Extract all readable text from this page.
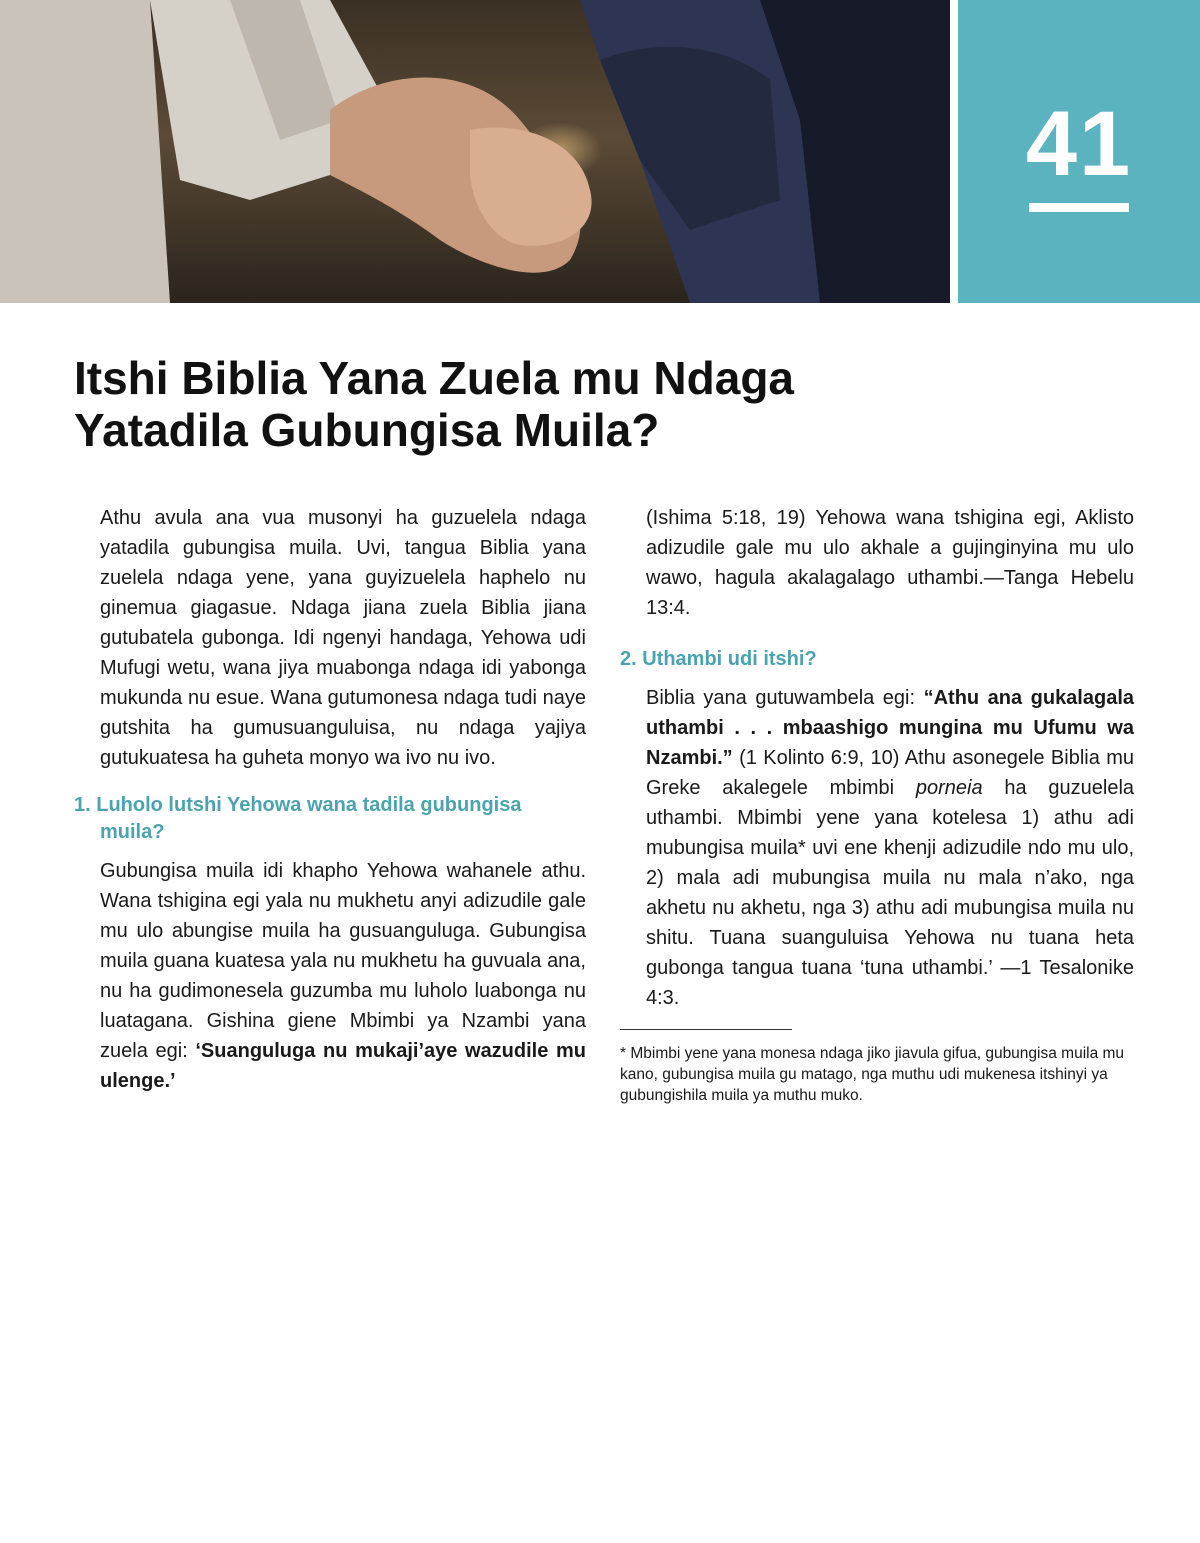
41
Itshi Biblia Yana Zuela mu Ndaga
Yatadila Gubungisa Muila?

Athu avula ana vua musonyi ha guzuelela ndaga yatadila gubungisa muila. Uvi, tangua Biblia yana zuelela ndaga yene, yana guyizuelela haphelo nu ginemua giagasue. Ndaga jiana zuela Biblia jiana gutubatela gubonga. Idi ngenyi handaga, Yehowa udi Mufugi wetu, wana jiya muabonga ndaga idi yabonga mukunda nu esue. Wana gutumonesa ndaga tudi naye gutshita ha gumusuanguluisa, nu ndaga yajiya gutukuatesa ha guheta monyo wa ivo nu ivo.

1. Luholo lutshi Yehowa wana tadila gubungisa muila?

Gubungisa muila idi khapho Yehowa wahanele athu. Wana tshigina egi yala nu mukhetu anyi adizudile gale mu ulo abungise muila ha gusuanguluga. Gubungisa muila guana kuatesa yala nu mukhetu ha guvuala ana, nu ha gudimonesela guzumba mu luholo luabonga nu luatagana. Gishina giene Mbimbi ya Nzambi yana zuela egi: ‘Suanguluga nu mukaji’aye wazudile mu ulenge.’

(Ishima 5:18, 19) Yehowa wana tshigina egi, Aklisto adizudile gale mu ulo akhale a gujinginyina mu ulo wawo, hagula akalagalago uthambi.—Tanga Hebelu 13:4.

2. Uthambi udi itshi?

Biblia yana gutuwambela egi: “Athu ana gukalagala uthambi . . . mbaashigo mungina mu Ufumu wa Nzambi.” (1 Kolinto 6:9, 10) Athu asonegele Biblia mu Greke akalegele mbimbi porneia ha guzuelela uthambi. Mbimbi yene yana kotelesa 1) athu adi mubungisa muila* uvi ene khenji adizudile ndo mu ulo, 2) mala adi mubungisa muila nu mala n’ako, nga akhetu nu akhetu, nga 3) athu adi mubungisa muila nu shitu. Tuana suanguluisa Yehowa nu tuana heta gubonga tangua tuana ‘tuna uthambi.’ —1 Tesalonike 4:3.

* Mbimbi yene yana monesa ndaga jiko jiavula gifua, gubungisa muila mu kano, gubungisa muila gu matago, nga muthu udi mukenesa itshinyi ya gubungishila muila ya muthu muko.
